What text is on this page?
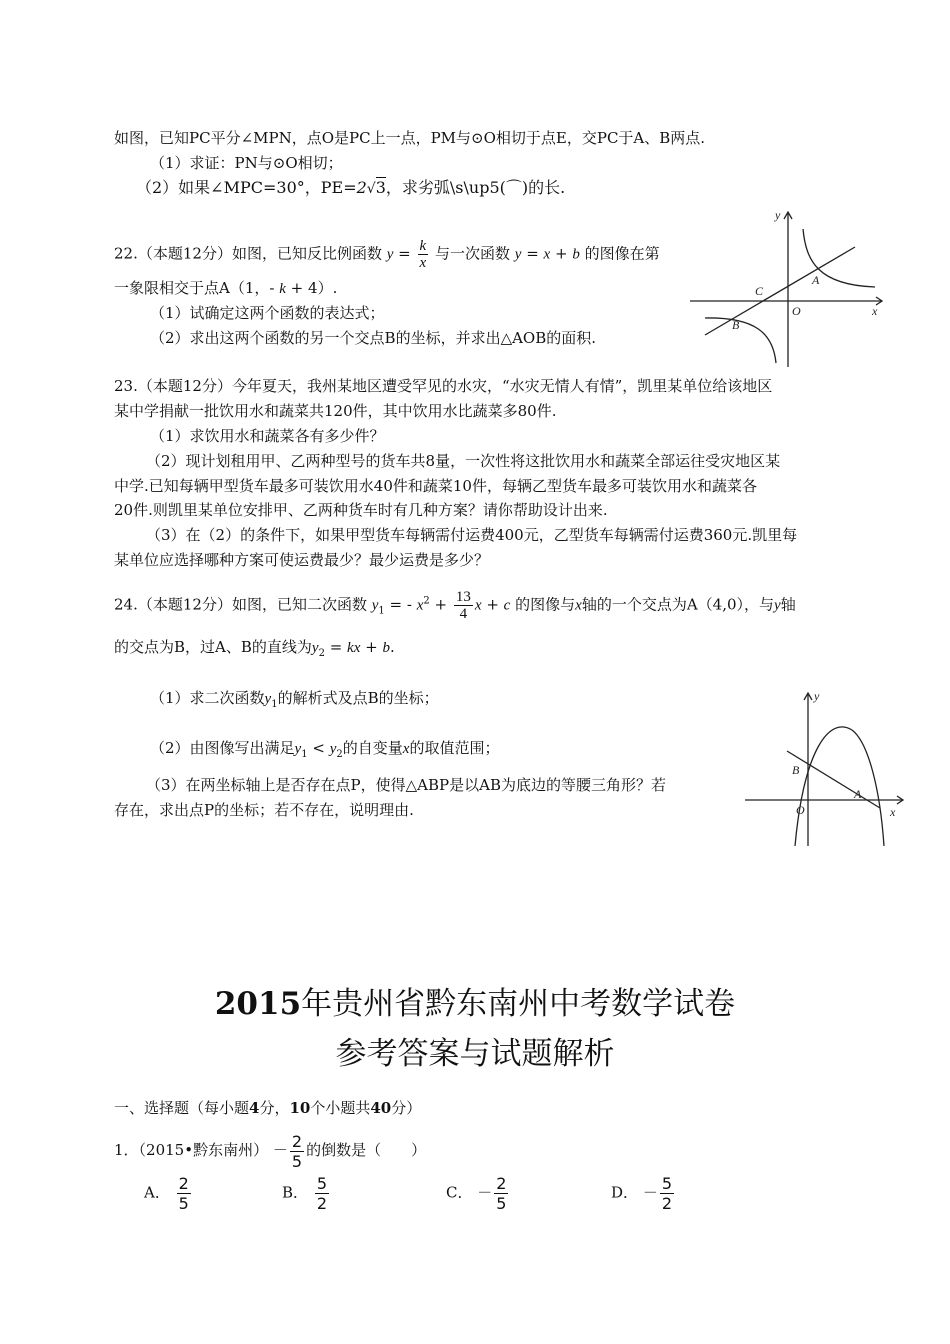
如图，已知PC平分∠MPN，点O是PC上一点，PM与⊙O相切于点E，交PC于A、B两点.
（1）求证：PN与⊙O相切；
（2）如果∠MPC=30°，PE=2√3，求劣弧\s\up5(⌒)的长.
22.（本题12分）如图，已知反比例函数 $y = \frac{k}{x}$ 与一次函数 y = x + b 的图像在第
一象限相交于点A（1，- k + 4）.
（1）试确定这两个函数的表达式；
（2）求出这两个函数的另一个交点B的坐标，并求出△AOB的面积.
y
x
A
B
C
O
23.（本题12分）今年夏天，我州某地区遭受罕见的水灾，“水灾无情人有情”，凯里某单位给该地区
某中学捐献一批饮用水和蔬菜共120件，其中饮用水比蔬菜多80件.
（1）求饮用水和蔬菜各有多少件？
（2）现计划租用甲、乙两种型号的货车共8量，一次性将这批饮用水和蔬菜全部运往受灾地区某
中学.已知每辆甲型货车最多可装饮用水40件和蔬菜10件，每辆乙型货车最多可装饮用水和蔬菜各
20件.则凯里某单位安排甲、乙两种货车时有几种方案？请你帮助设计出来.
（3）在（2）的条件下，如果甲型货车每辆需付运费400元，乙型货车每辆需付运费360元.凯里每
某单位应选择哪种方案可使运费最少？最少运费是多少？
24.（本题12分）如图，已知二次函数 $y_1$ = - $x^2 + \frac{13}{4}$ x + c 的图像与x轴的一个交点为A（4,0），与y轴
的交点为B，过A、B的直线为$y_2$ = kx + b.
（1）求二次函数$y_1$的解析式及点B的坐标；
（2）由图像写出满足$y_1 < y_2$的自变量x的取值范围；
（3）在两坐标轴上是否存在点P，使得△ABP是以AB为底边的等腰三角形？若
存在，求出点P的坐标；若不存在，说明理由.
y
x
B
A
O
2015年贵州省黔东南州中考数学试卷
参考答案与试题解析
一、选择题（每小题4分，10个小题共40分）
1．（2015•黔东南州） － $\frac{2}{5}$ 的倒数是（　　）
A． $\frac{2}{5}$	B． $\frac{5}{2}$	C． － $\frac{2}{5}$	D． － $\frac{5}{2}$
